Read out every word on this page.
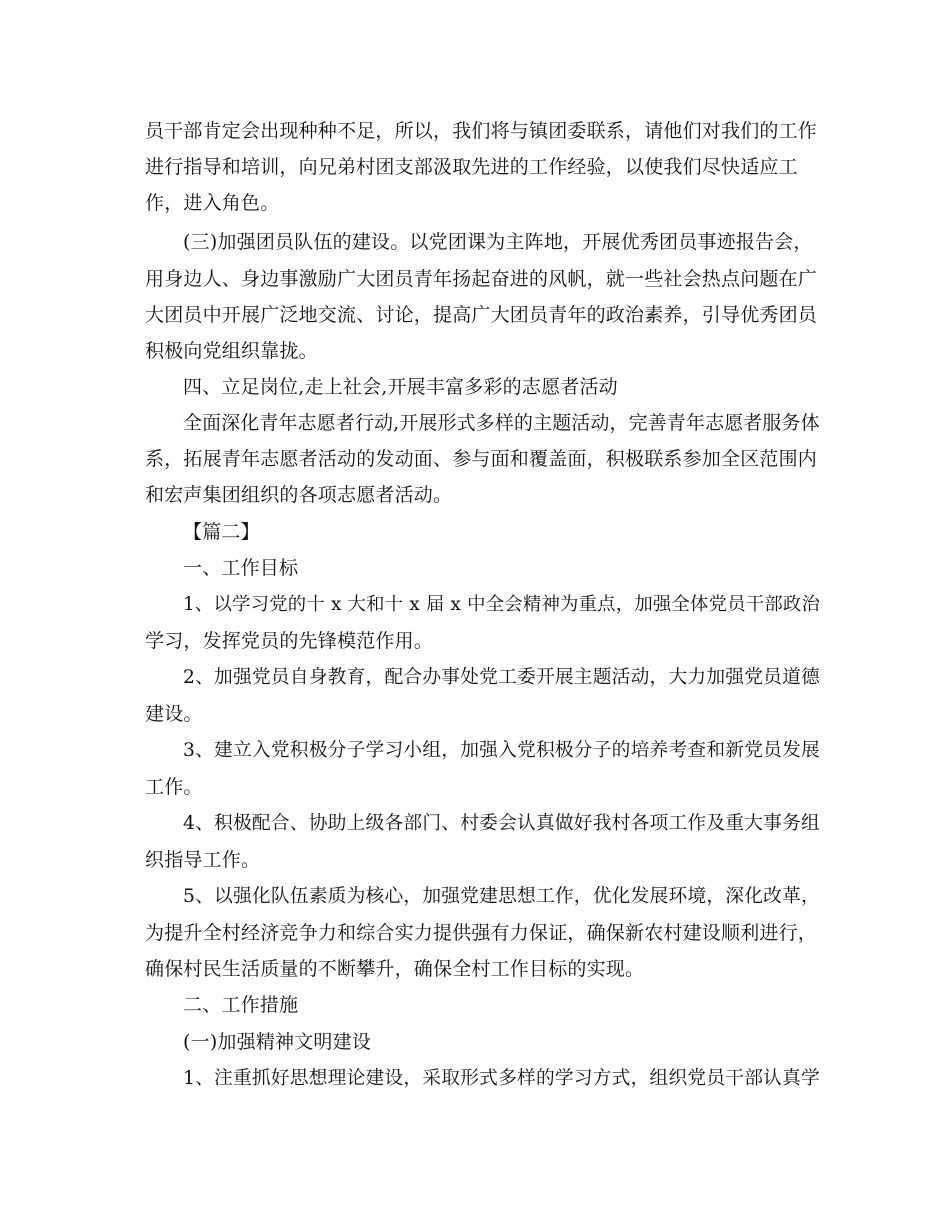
员干部肯定会出现种种不足，所以，我们将与镇团委联系，请他们对我们的工作

进行指导和培训，向兄弟村团支部汲取先进的工作经验，以使我们尽快适应工

作，进入角色。

(三)加强团员队伍的建设。以党团课为主阵地，开展优秀团员事迹报告会，

用身边人、身边事激励广大团员青年扬起奋进的风帆，就一些社会热点问题在广

大团员中开展广泛地交流、讨论，提高广大团员青年的政治素养，引导优秀团员

积极向党组织靠拢。

四、立足岗位,走上社会,开展丰富多彩的志愿者活动

全面深化青年志愿者行动,开展形式多样的主题活动，完善青年志愿者服务体

系，拓展青年志愿者活动的发动面、参与面和覆盖面，积极联系参加全区范围内

和宏声集团组织的各项志愿者活动。

【篇二】

一、工作目标

1、以学习党的十 x 大和十 x 届 x 中全会精神为重点，加强全体党员干部政治

学习，发挥党员的先锋模范作用。

2、加强党员自身教育，配合办事处党工委开展主题活动，大力加强党员道德

建设。

3、建立入党积极分子学习小组，加强入党积极分子的培养考查和新党员发展

工作。

4、积极配合、协助上级各部门、村委会认真做好我村各项工作及重大事务组

织指导工作。

5、以强化队伍素质为核心，加强党建思想工作，优化发展环境，深化改革，

为提升全村经济竞争力和综合实力提供强有力保证，确保新农村建设顺利进行，

确保村民生活质量的不断攀升，确保全村工作目标的实现。

二、工作措施

(一)加强精神文明建设

1、注重抓好思想理论建设，采取形式多样的学习方式，组织党员干部认真学
